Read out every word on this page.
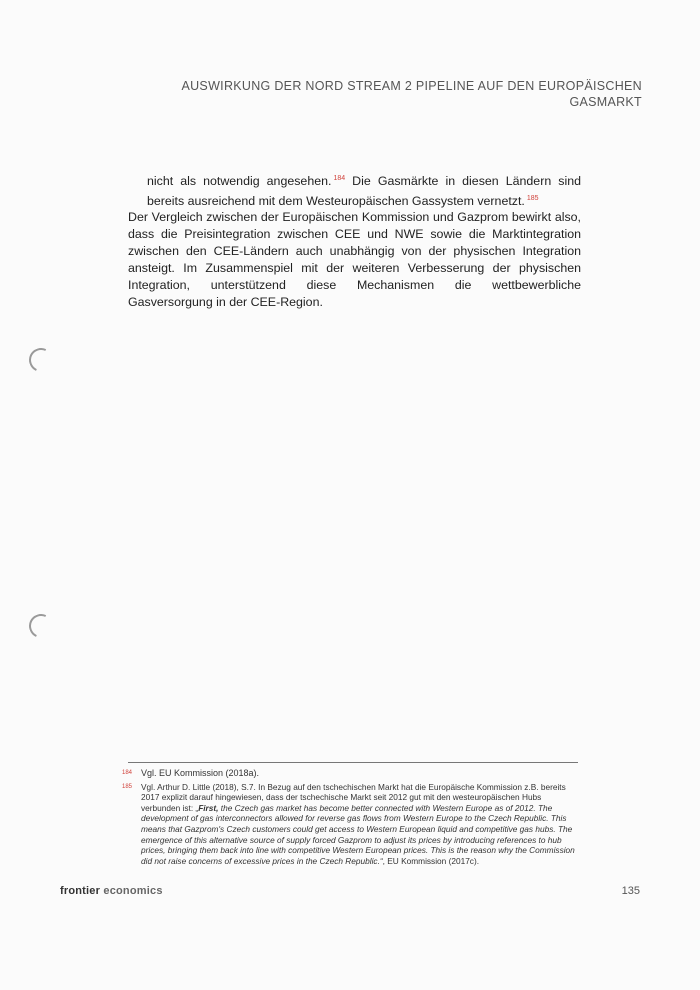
AUSWIRKUNG DER NORD STREAM 2 PIPELINE AUF DEN EUROPÄISCHEN
GASMARKT
nicht als notwendig angesehen. $^{184}$ Die Gasmärkte in diesen Ländern sind bereits ausreichend mit dem Westeuropäischen Gassystem vernetzt. $^{185}$
Der Vergleich zwischen der Europäischen Kommission und Gazprom bewirkt also, dass die Preisintegration zwischen CEE und NWE sowie die Marktintegration zwischen den CEE-Ländern auch unabhängig von der physischen Integration ansteigt. Im Zusammenspiel mit der weiteren Verbesserung der physischen Integration, unterstützend diese Mechanismen die wettbewerbliche Gasversorgung in der CEE-Region.
184 Vgl. EU Kommission (2018a).
185	Vgl. Arthur D. Little (2018), S.7. In Bezug auf den tschechischen Markt hat die Europäische Kommission z.B. bereits 2017 explizit darauf hingewiesen, dass der tschechische Markt seit 2012 gut mit den westeuropäischen Hubs verbunden ist: „First, the Czech gas market has become better connected with Western Europe as of 2012. The development of gas interconnectors allowed for reverse gas flows from Western Europe to the Czech Republic. This means that Gazprom's Czech customers could get access to Western European liquid and competitive gas hubs. The emergence of this alternative source of supply forced Gazprom to adjust its prices by introducing references to hub prices, bringing them back into line with competitive Western European prices. This is the reason why the Commission did not raise concerns of excessive prices in the Czech Republic.“, EU Kommission (2017c).
frontier economics	135
